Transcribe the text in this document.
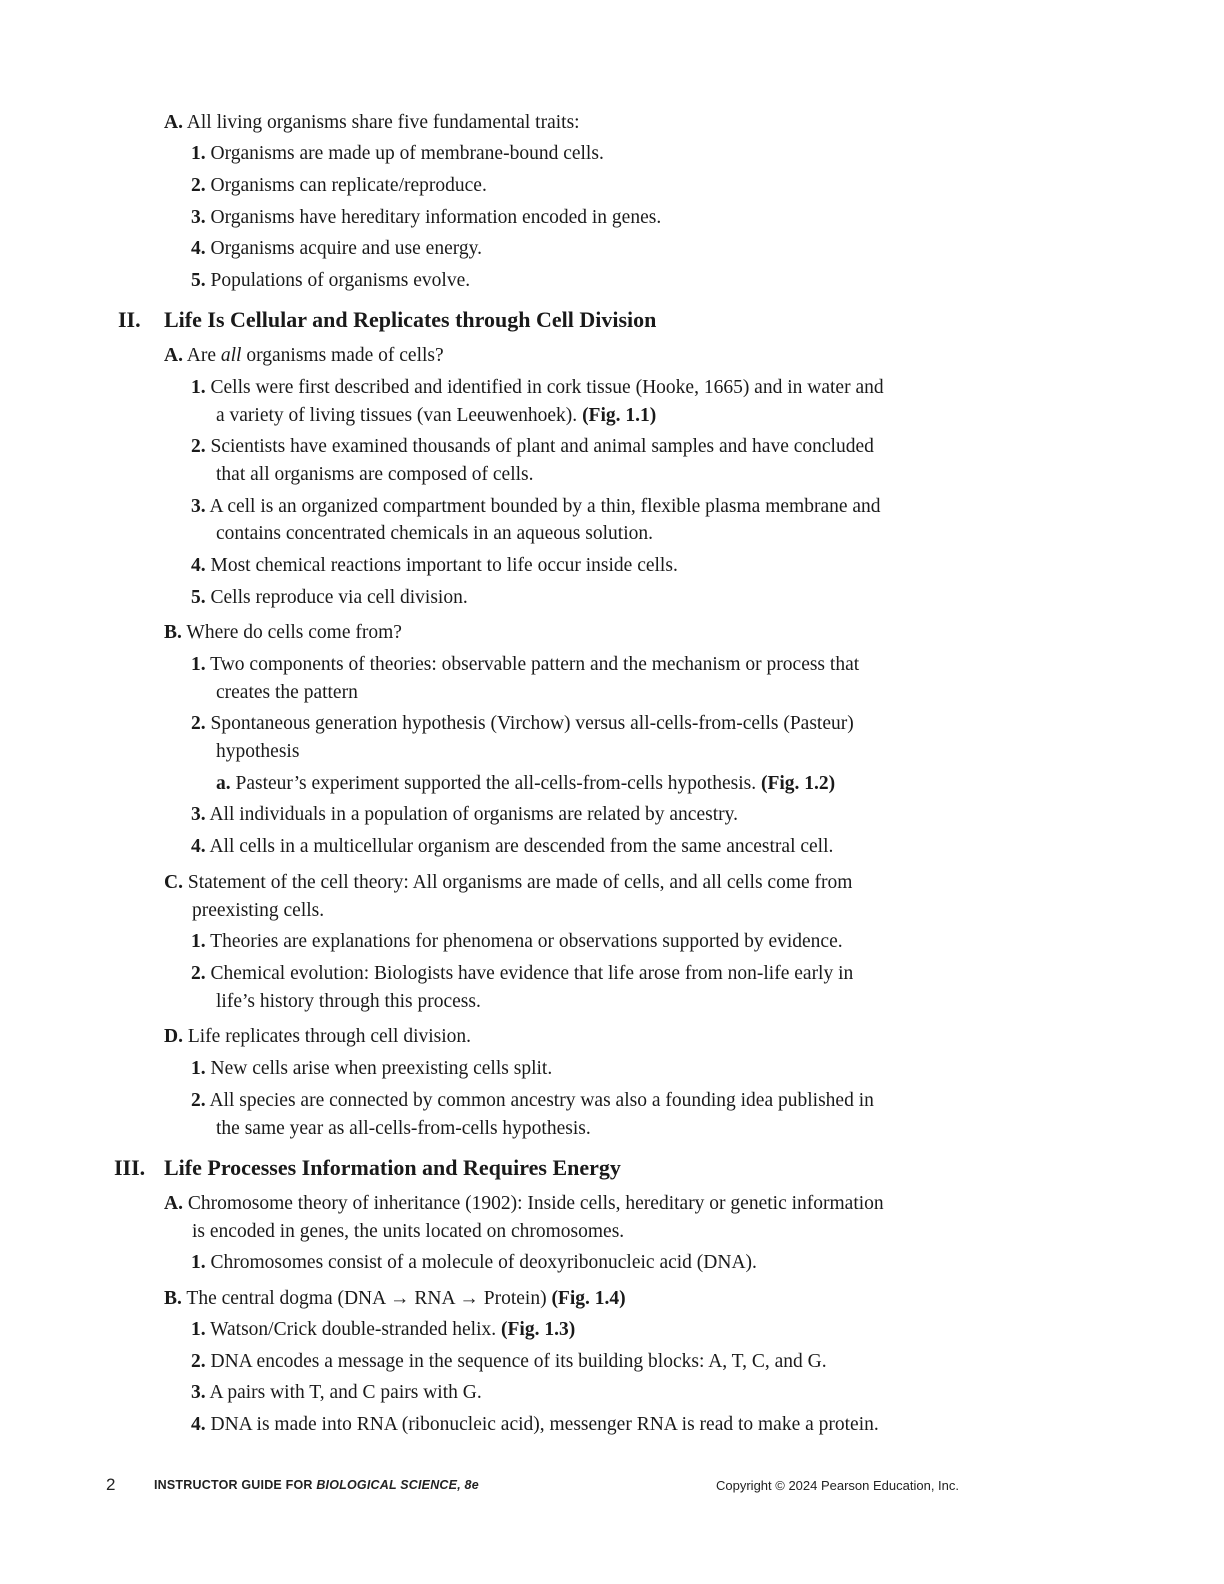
A. All living organisms share five fundamental traits:
1. Organisms are made up of membrane-bound cells.
2. Organisms can replicate/reproduce.
3. Organisms have hereditary information encoded in genes.
4. Organisms acquire and use energy.
5. Populations of organisms evolve.
II. Life Is Cellular and Replicates through Cell Division
A. Are all organisms made of cells?
1. Cells were first described and identified in cork tissue (Hooke, 1665) and in water and
a variety of living tissues (van Leeuwenhoek). (Fig. 1.1)
2. Scientists have examined thousands of plant and animal samples and have concluded
that all organisms are composed of cells.
3. A cell is an organized compartment bounded by a thin, flexible plasma membrane and
contains concentrated chemicals in an aqueous solution.
4. Most chemical reactions important to life occur inside cells.
5. Cells reproduce via cell division.
B. Where do cells come from?
1. Two components of theories: observable pattern and the mechanism or process that
creates the pattern
2. Spontaneous generation hypothesis (Virchow) versus all-cells-from-cells (Pasteur)
hypothesis
a. Pasteur’s experiment supported the all-cells-from-cells hypothesis. (Fig. 1.2)
3. All individuals in a population of organisms are related by ancestry.
4. All cells in a multicellular organism are descended from the same ancestral cell.
C. Statement of the cell theory: All organisms are made of cells, and all cells come from
preexisting cells.
1. Theories are explanations for phenomena or observations supported by evidence.
2. Chemical evolution: Biologists have evidence that life arose from non-life early in
life’s history through this process.
D. Life replicates through cell division.
1. New cells arise when preexisting cells split.
2. All species are connected by common ancestry was also a founding idea published in
the same year as all-cells-from-cells hypothesis.
III. Life Processes Information and Requires Energy
A. Chromosome theory of inheritance (1902): Inside cells, hereditary or genetic information
is encoded in genes, the units located on chromosomes.
1. Chromosomes consist of a molecule of deoxyribonucleic acid (DNA).
B. The central dogma (DNA → RNA → Protein) (Fig. 1.4)
1. Watson/Crick double-stranded helix. (Fig. 1.3)
2. DNA encodes a message in the sequence of its building blocks: A, T, C, and G.
3. A pairs with T, and C pairs with G.
4. DNA is made into RNA (ribonucleic acid), messenger RNA is read to make a protein.
2	INSTRUCTOR GUIDE FOR BIOLOGICAL SCIENCE, 8e	Copyright © 2024 Pearson Education, Inc.
